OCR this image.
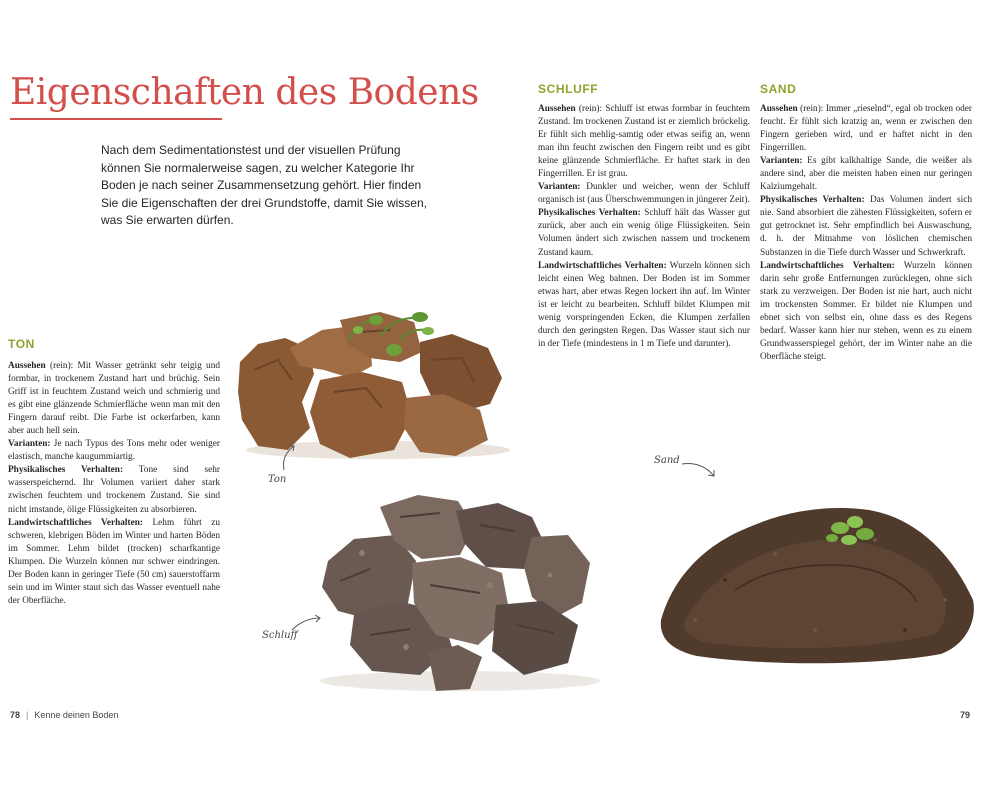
Eigenschaften des Bodens

Nach dem Sedimentationstest und der visuellen Prüfung können Sie normalerweise sagen, zu welcher Kategorie Ihr Boden je nach seiner Zusammensetzung gehört. Hier finden Sie die Eigenschaften der drei Grundstoffe, damit Sie wissen, was Sie erwarten dürfen.

TON

Aussehen (rein): Mit Wasser getränkt sehr teigig und formbar, in trockenem Zustand hart und brüchig. Sein Griff ist in feuchtem Zustand weich und schmierig und es gibt eine glänzende Schmierfläche wenn man mit den Fingern darauf reibt. Die Farbe ist ockerfarben, kann aber auch hell sein.

Varianten: Je nach Typus des Tons mehr oder weniger elastisch, manche kaugummiartig.

Physikalisches Verhalten: Tone sind sehr wasserspeichernd. Ihr Volumen variiert daher stark zwischen feuchtem und trockenem Zustand. Sie sind nicht imstande, ölige Flüssigkeiten zu absorbieren.

Landwirtschaftliches Verhalten: Lehm führt zu schweren, klebrigen Böden im Winter und harten Böden im Sommer. Lehm bildet (trocken) scharfkantige Klumpen. Die Wurzeln können nur schwer eindringen. Der Boden kann in geringer Tiefe (50 cm) sauerstoffarm sein und im Winter staut sich das Wasser eventuell nahe der Oberfläche.

SCHLUFF

Aussehen (rein): Schluff ist etwas formbar in feuchtem Zustand. Im trockenen Zustand ist er ziemlich bröckelig. Er fühlt sich mehlig-samtig oder etwas seifig an, wenn man ihn feucht zwischen den Fingern reibt und es gibt keine glänzende Schmierfläche. Er haftet stark in den Fingerrillen. Er ist grau.

Varianten: Dunkler und weicher, wenn der Schluff organisch ist (aus Überschwemmungen in jüngerer Zeit).

Physikalisches Verhalten: Schluff hält das Wasser gut zurück, aber auch ein wenig ölige Flüssigkeiten. Sein Volumen ändert sich zwischen nassem und trockenem Zustand kaum.

Landwirtschaftliches Verhalten: Wurzeln können sich leicht einen Weg bahnen. Der Boden ist im Sommer etwas hart, aber etwas Regen lockert ihn auf. Im Winter ist er leicht zu bearbeiten. Schluff bildet Klumpen mit wenig vorspringenden Ecken, die Klumpen zerfallen durch den geringsten Regen. Das Wasser staut sich nur in der Tiefe (mindestens in 1 m Tiefe und darunter).

SAND

Aussehen (rein): Immer „rieselnd“, egal ob trocken oder feucht. Er fühlt sich kratzig an, wenn er zwischen den Fingern gerieben wird, und er haftet nicht in den Fingerrillen.

Varianten: Es gibt kalkhaltige Sande, die weißer als andere sind, aber die meisten haben einen nur geringen Kalziumgehalt.

Physikalisches Verhalten: Das Volumen ändert sich nie. Sand absorbiert die zähesten Flüssigkeiten, sofern er gut getrocknet ist. Sehr empfindlich bei Auswaschung, d. h. der Mitnahme von löslichen chemischen Substanzen in die Tiefe durch Wasser und Schwerkraft.

Landwirtschaftliches Verhalten: Wurzeln können darin sehr große Entfernungen zurücklegen, ohne sich stark zu verzweigen. Der Boden ist nie hart, auch nicht im trockensten Sommer. Er bildet nie Klumpen und ebnet sich von selbst ein, ohne dass es des Regens bedarf. Wasser kann hier nur stehen, wenn es zu einem Grundwasserspiegel gehört, der im Winter nahe an die Oberfläche steigt.

Ton
Schluff
Sand
78 | Kenne deinen Boden	79
